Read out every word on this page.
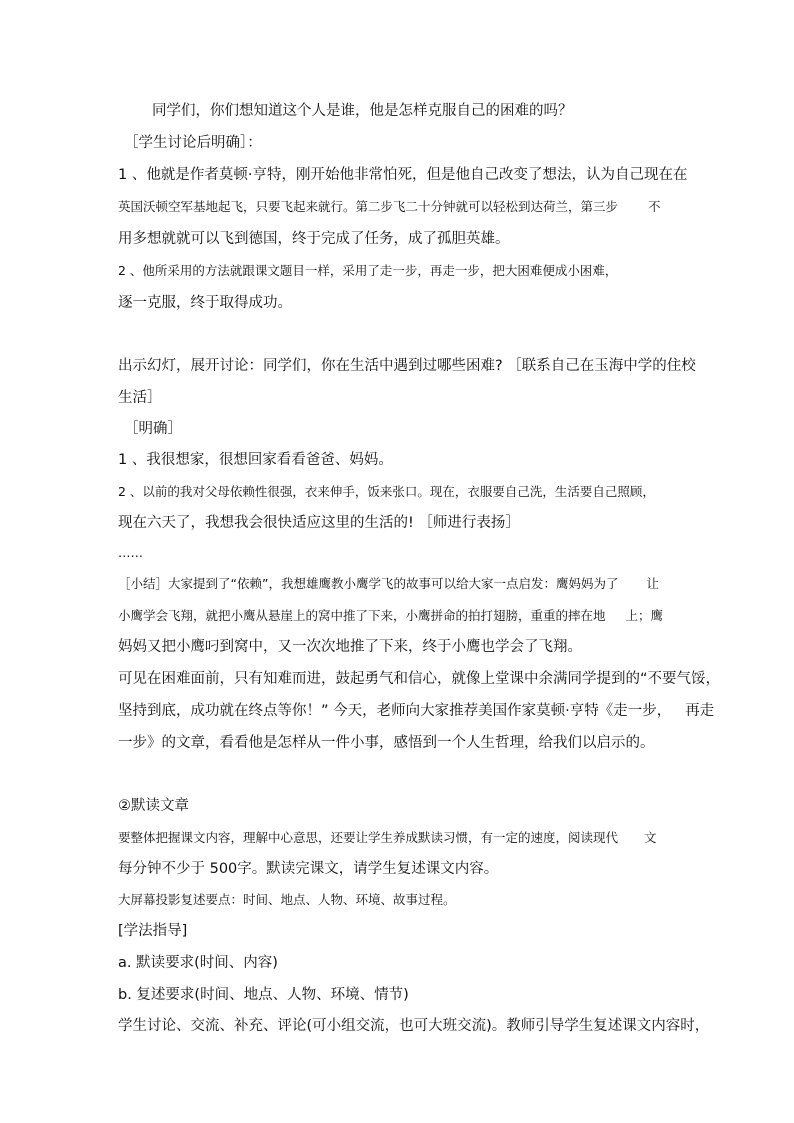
同学们，你们想知道这个人是谁，他是怎样克服自己的困难的吗？
［学生讨论后明确］：
1 、他就是作者莫顿·亨特，刚开始他非常怕死，但是他自己改变了想法，认为自己现在在
英国沃顿空军基地起飞，只要飞起来就行。第二步飞二十分钟就可以轻松到达荷兰，第三步 不
用多想就就可以飞到德国，终于完成了任务，成了孤胆英雄。
2 、他所采用的方法就跟课文题目一样，采用了走一步，再走一步，把大困难便成小困难，
逐一克服，终于取得成功。
出示幻灯，展开讨论：同学们，你在生活中遇到过哪些困难? ［联系自己在玉海中学的住校
生活］
［明确］
1 、我很想家，很想回家看看爸爸、妈妈。
2 、以前的我对父母依赖性很强，衣来伸手，饭来张口。现在，衣服要自己洗，生活要自己照顾，
现在六天了，我想我会很快适应这里的生活的! ［师进行表扬］
……
［小结］大家提到了“依赖”，我想雄鹰教小鹰学飞的故事可以给大家一点启发：鹰妈妈为了 让
小鹰学会飞翔，就把小鹰从悬崖上的窝中推了下来，小鹰拼命的拍打翅膀，重重的摔在地 上；鹰
妈妈又把小鹰叼到窝中，又一次次地推了下来，终于小鹰也学会了飞翔。
可见在困难面前，只有知难而进，鼓起勇气和信心，就像上堂课中余满同学提到的“不要气馁，
坚持到底，成功就在终点等你！” 今天，老师向大家推荐美国作家莫顿·亨特《走一步， 再走
一步》的文章，看看他是怎样从一件小事，感悟到一个人生哲理，给我们以启示的。
②默读文章
要整体把握课文内容，理解中心意思，还要让学生养成默读习惯，有一定的速度，阅读现代 文
每分钟不少于 500字。默读完课文，请学生复述课文内容。
大屏幕投影复述要点：时间、地点、人物、环境、故事过程。
[学法指导]
a. 默读要求(时间、内容)
b. 复述要求(时间、地点、人物、环境、情节)
学生讨论、交流、补充、评论(可小组交流，也可大班交流)。教师引导学生复述课文内容时，
